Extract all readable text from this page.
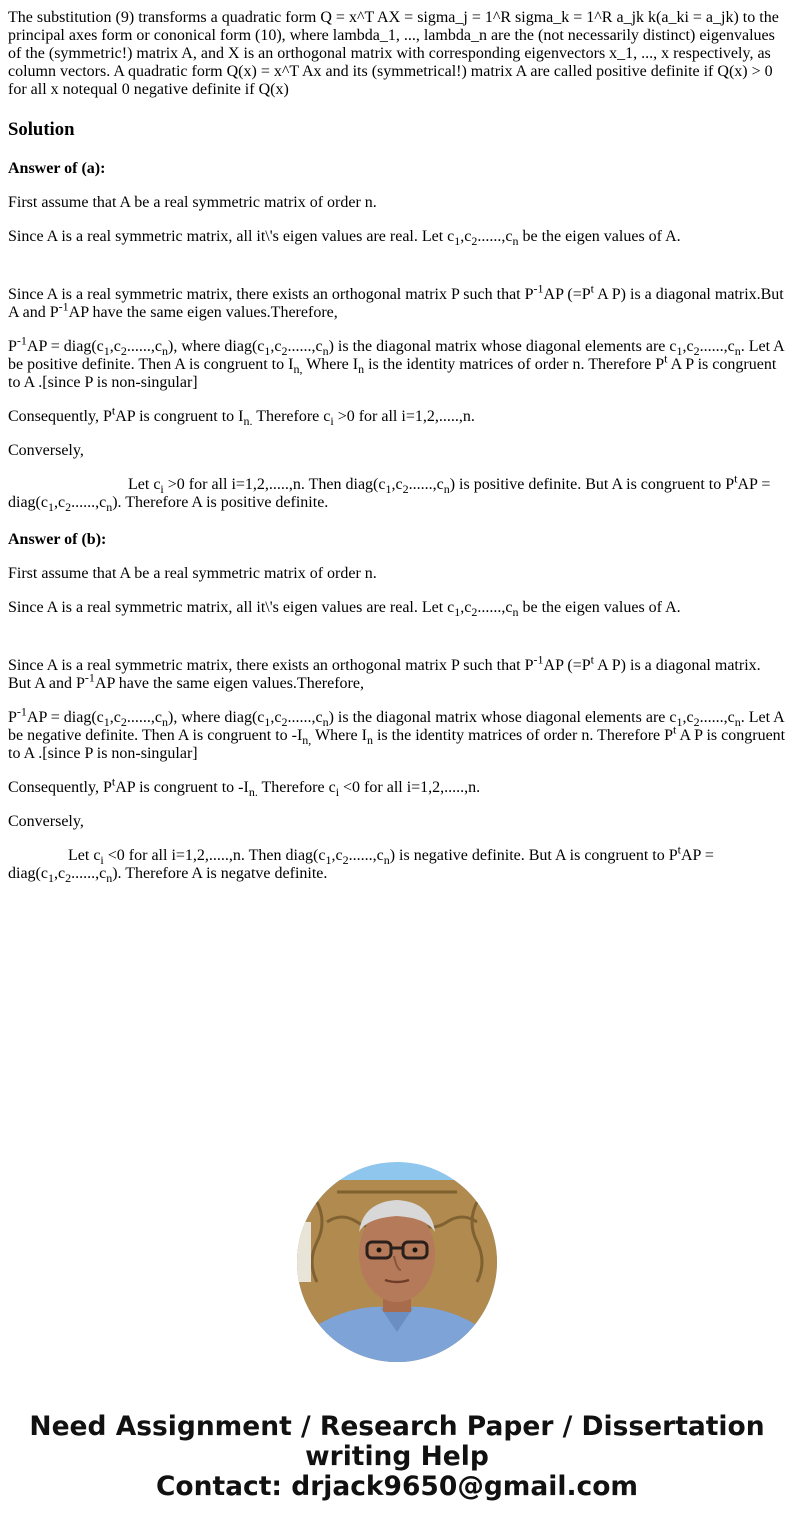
The substitution (9) transforms a quadratic form Q = x^T AX = sigma_j = 1^R sigma_k = 1^R a_jk k(a_ki = a_jk) to the principal axes form or cononical form (10), where lambda_1, ..., lambda_n are the (not necessarily distinct) eigenvalues of the (symmetric!) matrix A, and X is an orthogonal matrix with corresponding eigenvectors x_1, ..., x respectively, as column vectors. A quadratic form Q(x) = x^T Ax and its (symmetrical!) matrix A are called positive definite if Q(x) > 0 for all x notequal 0 negative definite if Q(x)

Solution
Answer of (a):

First assume that A be a real symmetric matrix of order n.

Since A is a real symmetric matrix, all it\'s eigen values are real. Let $c_1,c_2......,c_n$ be the eigen values of A.

Since A is a real symmetric matrix, there exists an orthogonal matrix P such that $P^{-1}AP$ ($=P^t$ A P) is a diagonal matrix.But A and $P^{-1}AP$ have the same eigen values.Therefore,

$P^{-1}AP$ = $diag(c_1,c_2......,c_n)$, where $diag(c_1,c_2......,c_n)$ is the diagonal matrix whose diagonal elements are $c_1,c_2......,c_n$. Let A be positive definite. Then A is congruent to $I_{n,}$ Where $I_n$ is the identity matrices of order n. Therefore $P^t$ A P is congruent to A .[since P is non-singular]

Consequently, $P^tAP$ is congruent to $I_{n.}$ Therefore $c_i >0$ for all i=1,2,.....,n.

Conversely,

Let $c_i >0$ for all i=1,2,.....,n. Then $diag(c_1,c_2......,c_n)$ is positive definite. But A is congruent to $P^tAP$ = $diag(c_1,c_2......,c_n)$. Therefore A is positive definite.

Answer of (b):

First assume that A be a real symmetric matrix of order n.

Since A is a real symmetric matrix, all it\'s eigen values are real. Let $c_1,c_2......,c_n$ be the eigen values of A.

Since A is a real symmetric matrix, there exists an orthogonal matrix P such that $P^{-1}AP$ ($=P^t$ A P) is a diagonal matrix. But A and $P^{-1}AP$ have the same eigen values.Therefore,

$P^{-1}AP$ = $diag(c_1,c_2......,c_n)$, where $diag(c_1,c_2......,c_n)$ is the diagonal matrix whose diagonal elements are $c_1,c_2......,c_n$. Let A be negative definite. Then A is congruent to $-I_{n,}$ Where $I_n$ is the identity matrices of order n. Therefore $P^t$ A P is congruent to A .[since P is non-singular]

Consequently, $P^tAP$ is congruent to $-I_{n.}$ Therefore $c_i <0$ for all i=1,2,.....,n.

Conversely,

Let $c_i <0$ for all i=1,2,.....,n. Then $diag(c_1,c_2......,c_n)$ is negative definite. But A is congruent to $P^tAP$ = $diag(c_1,c_2......,c_n)$. Therefore A is negatve definite.

Need Assignment / Research Paper / Dissertation
writing Help
Contact: drjack9650@gmail.com
